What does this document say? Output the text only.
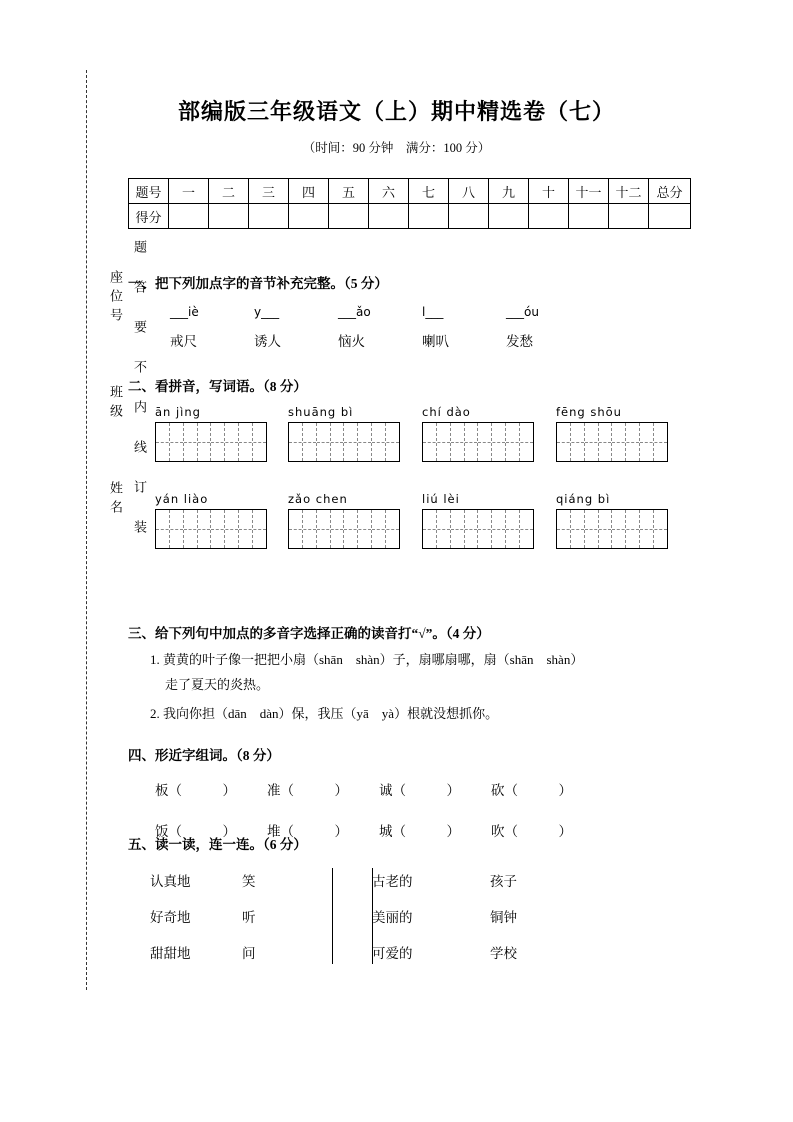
题 答 要 不 内 线 订 装
座位号
班级
姓名
部编版三年级语文（上）期中精选卷（七）
（时间：90 分钟　满分：100 分）
题号	一	二	三	四	五	六	七	八	九	十	十一	十二	总分
得分													
一、把下列加点字的音节补充完整。（5 分）
___iè	y___	___ǎo	l___	___óu
戒尺	诱人	恼火	喇叭	发愁
二、看拼音，写词语。（8 分）
ān jìng	shuāng bì	chí dào	fēng shōu
yán liào	zǎo chen	liú lèi	qiáng bì
三、给下列句中加点的多音字选择正确的读音打“√”。（4 分）
1. 黄黄的叶子像一把把小扇（shān　shàn）子，扇哪扇哪，扇（shān　shàn）
走了夏天的炎热。
2. 我向你担（dān　dàn）保，我压（yā　yà）根就没想抓你。
四、形近字组词。（8 分）
板（　　　）	准（　　　）	诚（　　　）	砍（　　　）
饭（　　　）	堆（　　　）	城（　　　）	吹（　　　）
五、读一读，连一连。（6 分）
认真地	笑	古老的	孩子
好奇地	听	美丽的	铜钟
甜甜地	问	可爱的	学校
